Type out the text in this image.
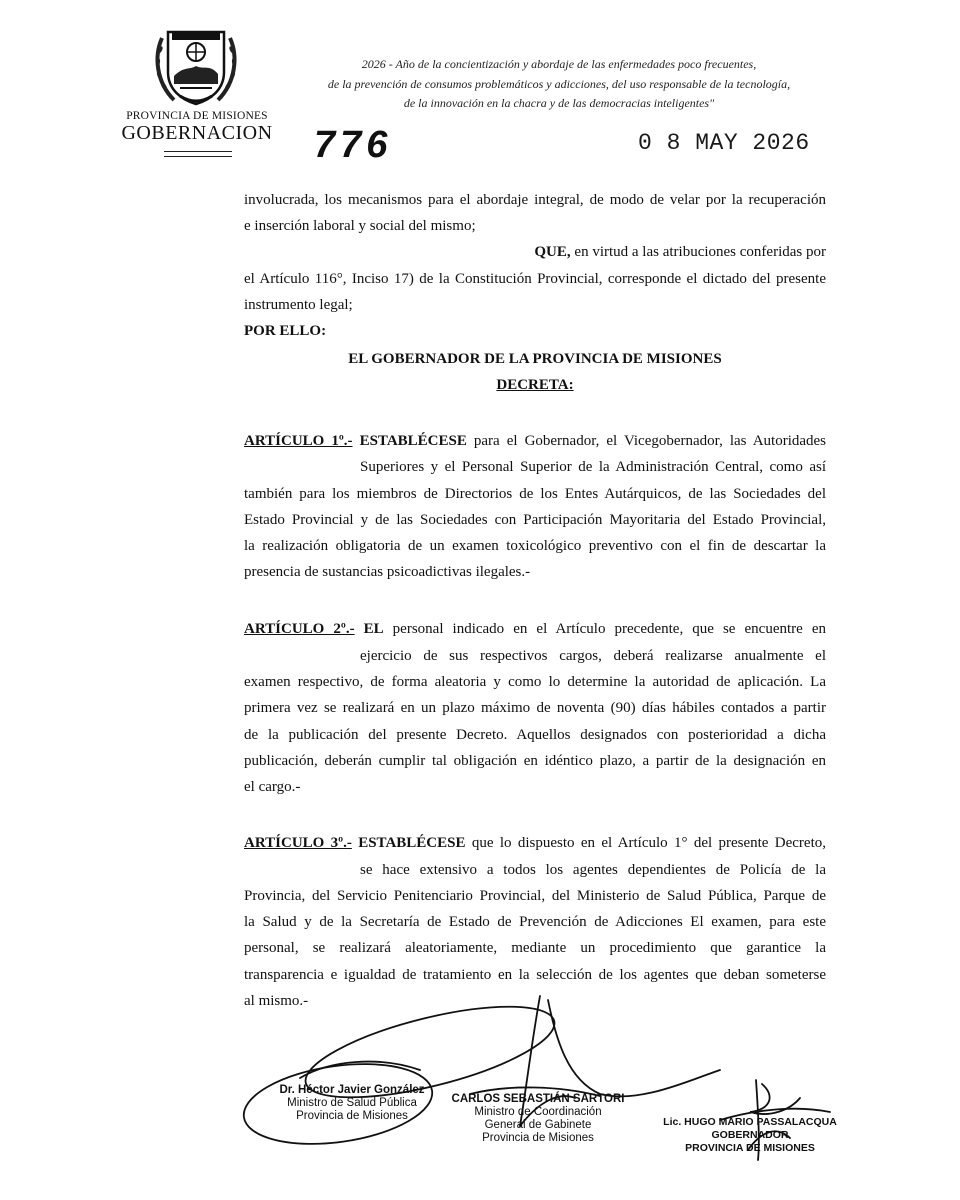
PROVINCIA DE MISIONES
GOBERNACION
2026 - Año de la concientización y abordaje de las enfermedades poco frecuentes,
de la prevención de consumos problemáticos y adicciones, del uso responsable de la tecnología,
de la innovación en la chacra y de las democracias inteligentes"
776	0 8 MAY 2026
involucrada, los mecanismos para el abordaje integral, de modo de velar por la recuperación
e inserción laboral y social del mismo;
QUE, en virtud a las atribuciones conferidas por
el Artículo 116°, Inciso 17) de la Constitución Provincial, corresponde el dictado del presente
instrumento legal;
POR ELLO:
EL GOBERNADOR DE LA PROVINCIA DE MISIONES
DECRETA:
ARTÍCULO 1º.- ESTABLÉCESE para el Gobernador, el Vicegobernador, las Autoridades
Superiores y el Personal Superior de la Administración Central, como así
también para los miembros de Directorios de los Entes Autárquicos, de las Sociedades del
Estado Provincial y de las Sociedades con Participación Mayoritaria del Estado Provincial,
la realización obligatoria de un examen toxicológico preventivo con el fin de descartar la
presencia de sustancias psicoadictivas ilegales.-
ARTÍCULO 2º.- EL personal indicado en el Artículo precedente, que se encuentre en
ejercicio de sus respectivos cargos, deberá realizarse anualmente el
examen respectivo, de forma aleatoria y como lo determine la autoridad de aplicación. La
primera vez se realizará en un plazo máximo de noventa (90) días hábiles contados a partir
de la publicación del presente Decreto. Aquellos designados con posterioridad a dicha
publicación, deberán cumplir tal obligación en idéntico plazo, a partir de la designación en
el cargo.-
ARTÍCULO 3º.- ESTABLÉCESE que lo dispuesto en el Artículo 1° del presente Decreto,
se hace extensivo a todos los agentes dependientes de Policía de la
Provincia, del Servicio Penitenciario Provincial, del Ministerio de Salud Pública, Parque de
la Salud y de la Secretaría de Estado de Prevención de Adicciones El examen, para este
personal, se realizará aleatoriamente, mediante un procedimiento que garantice la
transparencia e igualdad de tratamiento en la selección de los agentes que deban someterse
al mismo.-
Dr. Héctor Javier González
Ministro de Salud Pública
Provincia de Misiones
CARLOS SEBASTIÁN SARTORI
Ministro de Coordinación
General de Gabinete
Provincia de Misiones
Lic. HUGO MARIO PASSALACQUA
GOBERNADOR
PROVINCIA DE MISIONES
